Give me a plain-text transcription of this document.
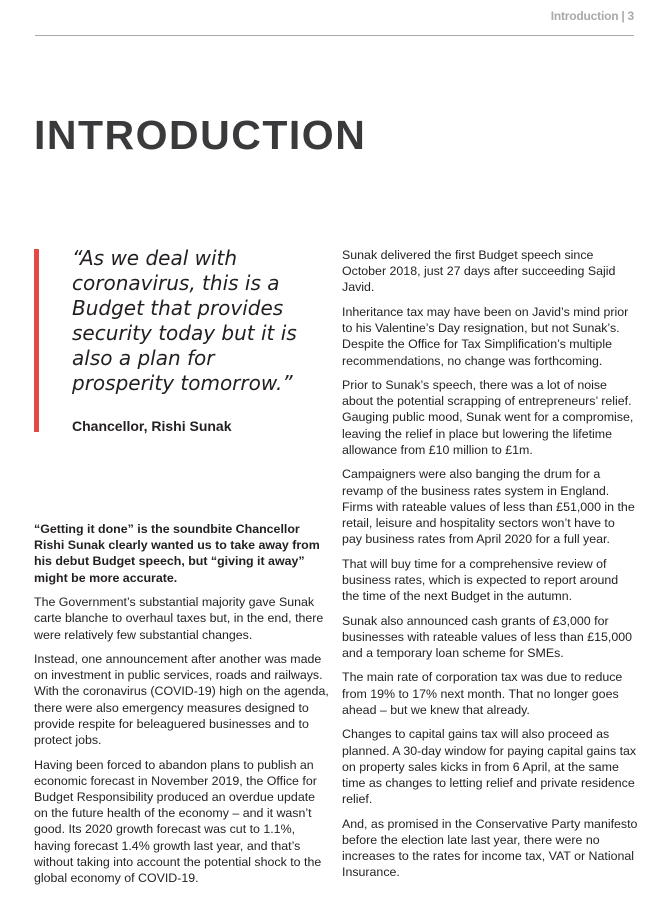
Introduction | 3
INTRODUCTION

“As we deal with coronavirus, this is a Budget that provides security today but it is also a plan for prosperity tomorrow.”

Chancellor, Rishi Sunak

“Getting it done” is the soundbite Chancellor Rishi Sunak clearly wanted us to take away from his debut Budget speech, but “giving it away” might be more accurate.

The Government’s substantial majority gave Sunak carte blanche to overhaul taxes but, in the end, there were relatively few substantial changes.

Instead, one announcement after another was made on investment in public services, roads and railways. With the coronavirus (COVID-19) high on the agenda, there were also emergency measures designed to provide respite for beleaguered businesses and to protect jobs.

Having been forced to abandon plans to publish an economic forecast in November 2019, the Office for Budget Responsibility produced an overdue update on the future health of the economy – and it wasn’t good. Its 2020 growth forecast was cut to 1.1%, having forecast 1.4% growth last year, and that’s without taking into account the potential shock to the global economy of COVID-19.

Sunak delivered the first Budget speech since October 2018, just 27 days after succeeding Sajid Javid.

Inheritance tax may have been on Javid’s mind prior to his Valentine’s Day resignation, but not Sunak’s. Despite the Office for Tax Simplification’s multiple recommendations, no change was forthcoming.

Prior to Sunak’s speech, there was a lot of noise about the potential scrapping of entrepreneurs’ relief. Gauging public mood, Sunak went for a compromise, leaving the relief in place but lowering the lifetime allowance from £10 million to £1m.

Campaigners were also banging the drum for a revamp of the business rates system in England. Firms with rateable values of less than £51,000 in the retail, leisure and hospitality sectors won’t have to pay business rates from April 2020 for a full year.

That will buy time for a comprehensive review of business rates, which is expected to report around the time of the next Budget in the autumn.

Sunak also announced cash grants of £3,000 for businesses with rateable values of less than £15,000 and a temporary loan scheme for SMEs.

The main rate of corporation tax was due to reduce from 19% to 17% next month. That no longer goes ahead – but we knew that already.

Changes to capital gains tax will also proceed as planned. A 30-day window for paying capital gains tax on property sales kicks in from 6 April, at the same time as changes to letting relief and private residence relief.

And, as promised in the Conservative Party manifesto before the election late last year, there were no increases to the rates for income tax, VAT or National Insurance.
